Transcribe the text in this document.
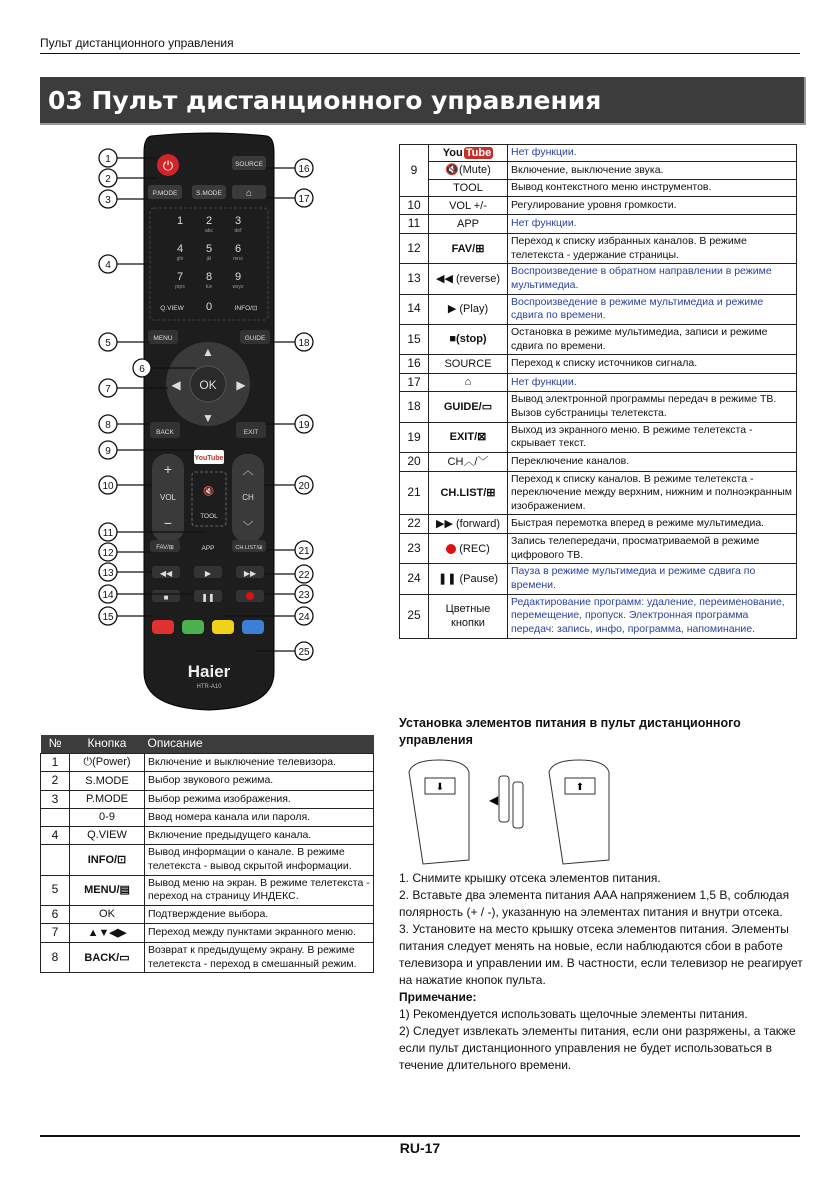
Пульт дистанционного управления
03 Пульт дистанционного управления
⏻	SOURCE
P.MODE	S.MODE ⌂
1 2
abc
3
def
4
ghi
5
jkl
6
mno
7
pqrs
8
tuv
9
wxyz
Q.VIEW 0	INFO/⊡
MENU	GUIDE
OK
▲
▼
◀	▶
BACK	EXIT
YouTube
+
VOL
−
︿
CH
﹀
🔇
TOOL
FAV/⊞	APP	CH.LIST/⊞
◀◀	▶	▶▶
■	❚❚
Haier
HTR-A10
1
2
3
4
5
6
7
8
9
10
11
12
13
14
15
16
17
18
19
20
21
22
23
24
25
9	You Tube	Нет функции.
	🔇(Mute)	Включение, выключение звука.
	TOOL	Вывод контекстного меню инструментов.
10	VOL +/-	Регулирование уровня громкости.
11	APP	Нет функции.
12	FAV/⊞	Переход к списку избранных каналов. В режиме телетекста - удержание страницы.
13	◀◀ (reverse)	Воспроизведение в обратном направлении в режиме мультимедиа.
14	▶ (Play)	Воспроизведение в режиме мультимедиа и режиме сдвига по времени.
15	■(stop)	Остановка в режиме мультимедиа, записи и режиме сдвига по времени.
16	SOURCE	Переход к списку источников сигнала.
17	⌂	Нет функции.
18	GUIDE/▭	Вывод электронной программы передач в режиме ТВ. Вызов субстраницы телетекста.
19	EXIT/⊠	Выход из экранного меню. В режиме телетекста - скрывает текст.
20	CH︿/﹀	Переключение каналов.
21	CH.LIST/⊞	Переход к списку каналов. В режиме телетекста - переключение между верхним, нижним и полноэкранным изображением.
22	▶▶ (forward)	Быстрая перемотка вперед в режиме мультимедиа.
23	(REC)	Запись телепередачи, просматриваемой в режиме цифрового ТВ.
24	❚❚ (Pause)	Пауза в режиме мультимедиа и режиме сдвига по времени.
25	Цветные кнопки	Редактирование программ: удаление, переименование, перемещение, пропуск. Электронная программа передач: запись, инфо, программа, напоминание.
№	Кнопка	Описание
1	⏻(Power)	Включение и выключение телевизора.
2	S.MODE	Выбор звукового режима.
3	P.MODE	Выбор режима изображения.
	0-9	Ввод номера канала или пароля.
4	Q.VIEW	Включение предыдущего канала.
	INFO/⊡	Вывод информации о канале. В режиме телетекста - вывод скрытой информации.
5	MENU/▤	Вывод меню на экран. В режиме телетекста - переход на страницу ИНДЕКС.
6	OK	Подтверждение выбора.
7	▲▼◀▶	Переход между пунктами экранного меню.
8	BACK/▭	Возврат к предыдущему экрану. В режиме телетекста - переход в смешанный режим.
Установка элементов питания в пульт дистанционного управления
⬇
◀
⬆

1. Снимите крышку отсека элементов питания.

2. Вставьте два элемента питания AAA напряжением 1,5 В, соблюдая полярность (+ / -), указанную на элементах питания и внутри отсека.

3. Установите на место крышку отсека элементов питания. Элементы питания следует менять на новые, если наблюдаются сбои в работе телевизора и управлении им. В частности, если телевизор не реагирует на нажатие кнопок пульта.

Примечание:

1) Рекомендуется использовать щелочные элементы питания.

2) Следует извлекать элементы питания, если они разряжены, а также если пульт дистанционного управления не будет использоваться в течение длительного времени.

RU-17
